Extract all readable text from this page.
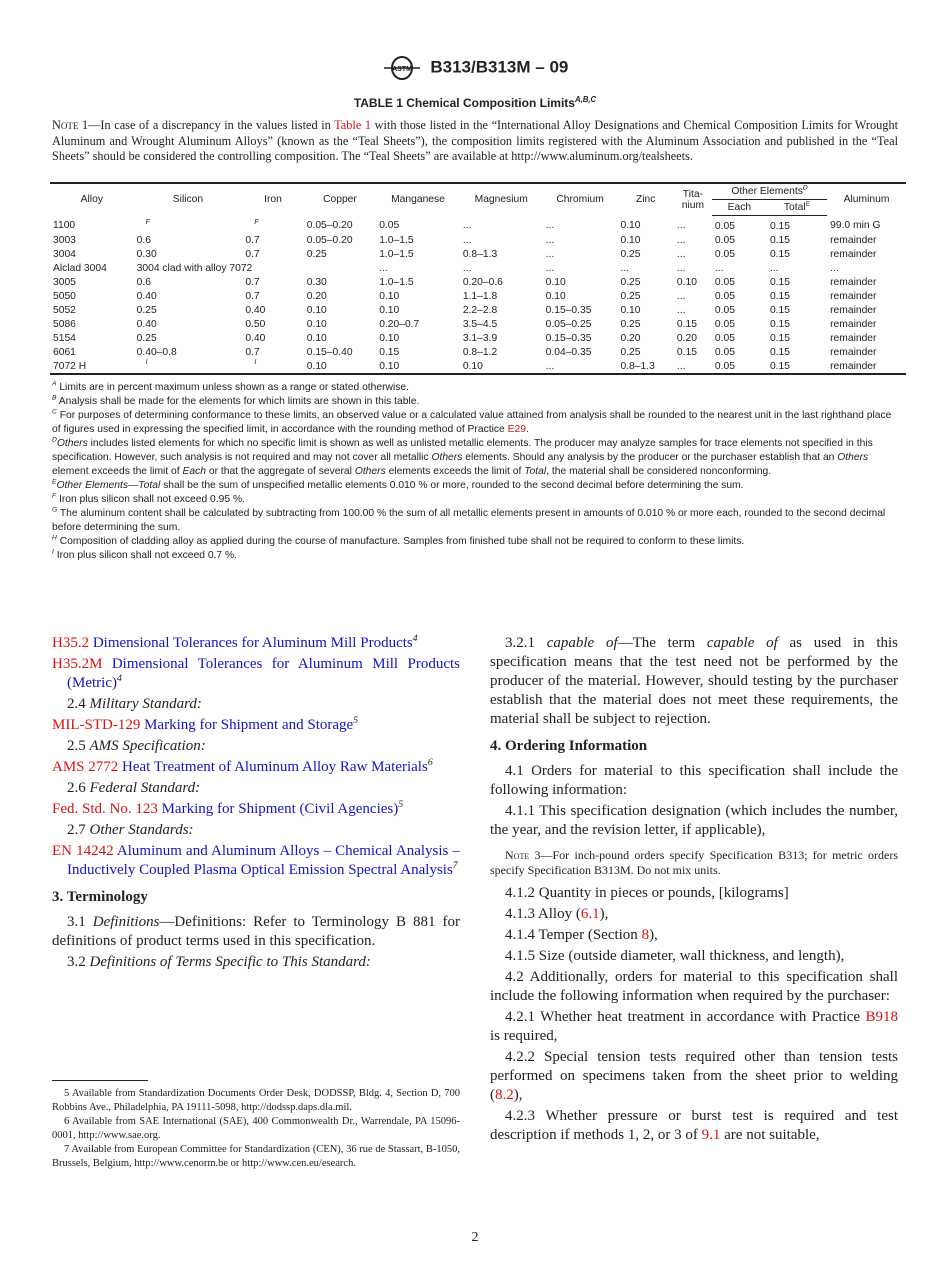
ASTM B313/B313M – 09
TABLE 1 Chemical Composition Limits$^{A,B,C}$
Note 1—In case of a discrepancy in the values listed in Table 1 with those listed in the “International Alloy Designations and Chemical Composition Limits for Wrought Aluminum and Wrought Aluminum Alloys” (known as the “Teal Sheets”), the composition limits registered with the Aluminum Association and published in the “Teal Sheets” should be considered the controlling composition. The “Teal Sheets” are available at http://www.aluminum.org/tealsheets.
Alloy	Silicon	Iron	Copper	Manganese	Magnesium	Chromium	Zinc	Tita-nium	Other Elements$^D$		Aluminum
									Each	Total$^E$
1100	F	F	0.05–0.20	0.05	...	...	0.10	...	0.05	0.15	99.0 min G
3003	0.6	0.7	0.05–0.20	1.0–1.5	...	...	0.10	...	0.05	0.15	remainder
3004	0.30	0.7	0.25	1.0–1.5	0.8–1.3	...	0.25	...	0.05	0.15	remainder
Alclad 3004	3004 clad with alloy 7072			...	...	...	...	...	...	...	...
3005	0.6	0.7	0.30	1.0–1.5	0.20–0.6	0.10	0.25	0.10	0.05	0.15	remainder
5050	0.40	0.7	0.20	0.10	1.1–1.8	0.10	0.25	...	0.05	0.15	remainder
5052	0.25	0.40	0.10	0.10	2.2–2.8	0.15–0.35	0.10	...	0.05	0.15	remainder
5086	0.40	0.50	0.10	0.20–0.7	3.5–4.5	0.05–0.25	0.25	0.15	0.05	0.15	remainder
5154	0.25	0.40	0.10	0.10	3.1–3.9	0.15–0.35	0.20	0.20	0.05	0.15	remainder
6061	0.40–0.8	0.7	0.15–0.40	0.15	0.8–1.2	0.04–0.35	0.25	0.15	0.05	0.15	remainder
7072 H	I	I	0.10	0.10	0.10	...	0.8–1.3	...	0.05	0.15	remainder
$^A$ Limits are in percent maximum unless shown as a range or stated otherwise.
$^B$ Analysis shall be made for the elements for which limits are shown in this table.
$^C$ For purposes of determining conformance to these limits, an observed value or a calculated value attained from analysis shall be rounded to the nearest unit in the last righthand place of figures used in expressing the specified limit, in accordance with the rounding method of Practice E29.
$^D$Others includes listed elements for which no specific limit is shown as well as unlisted metallic elements. The producer may analyze samples for trace elements not specified in this specification. However, such analysis is not required and may not cover all metallic Others elements. Should any analysis by the producer or the purchaser establish that an Others element exceeds the limit of Each or that the aggregate of several Others elements exceeds the limit of Total, the material shall be considered nonconforming.
$^E$Other Elements—Total shall be the sum of unspecified metallic elements 0.010 % or more, rounded to the second decimal before determining the sum.
$^F$ Iron plus silicon shall not exceed 0.95 %.
$^G$ The aluminum content shall be calculated by subtracting from 100.00 % the sum of all metallic elements present in amounts of 0.010 % or more each, rounded to the second decimal before determining the sum.
$^H$ Composition of cladding alloy as applied during the course of manufacture. Samples from finished tube shall not be required to conform to these limits.
$^I$ Iron plus silicon shall not exceed 0.7 %.

H35.2 Dimensional Tolerances for Aluminum Mill Products$^4$

H35.2M Dimensional Tolerances for Aluminum Mill Products (Metric)$^4$

2.4 Military Standard:

MIL-STD-129 Marking for Shipment and Storage$^5$

2.5 AMS Specification:

AMS 2772 Heat Treatment of Aluminum Alloy Raw Materials$^6$

2.6 Federal Standard:

Fed. Std. No. 123 Marking for Shipment (Civil Agencies)$^5$

2.7 Other Standards:

EN 14242 Aluminum and Aluminum Alloys – Chemical Analysis – Inductively Coupled Plasma Optical Emission Spectral Analysis$^7$

3. Terminology

3.1 Definitions—Definitions: Refer to Terminology B 881 for definitions of product terms used in this specification.

3.2 Definitions of Terms Specific to This Standard:

3.2.1 capable of—The term capable of as used in this specification means that the test need not be performed by the producer of the material. However, should testing by the purchaser establish that the material does not meet these requirements, the material shall be subject to rejection.

4. Ordering Information

4.1 Orders for material to this specification shall include the following information:

4.1.1 This specification designation (which includes the number, the year, and the revision letter, if applicable),

Note 3—For inch-pound orders specify Specification B313; for metric orders specify Specification B313M. Do not mix units.

4.1.2 Quantity in pieces or pounds, [kilograms]

4.1.3 Alloy (6.1),

4.1.4 Temper (Section 8),

4.1.5 Size (outside diameter, wall thickness, and length),

4.2 Additionally, orders for material to this specification shall include the following information when required by the purchaser:

4.2.1 Whether heat treatment in accordance with Practice B918 is required,

4.2.2 Special tension tests required other than tension tests performed on specimens taken from the sheet prior to welding (8.2),

4.2.3 Whether pressure or burst test is required and test description if methods 1, 2, or 3 of 9.1 are not suitable,

5 Available from Standardization Documents Order Desk, DODSSP, Bldg. 4, Section D, 700 Robbins Ave., Philadelphia, PA 19111-5098, http://dodssp.daps.dla.mil.

6 Available from SAE International (SAE), 400 Commonwealth Dr., Warrendale, PA 15096-0001, http://www.sae.org.

7 Available from European Committee for Standardization (CEN), 36 rue de Stassart, B-1050, Brussels, Belgium, http://www.cenorm.be or http://www.cen.eu/esearch.

2
